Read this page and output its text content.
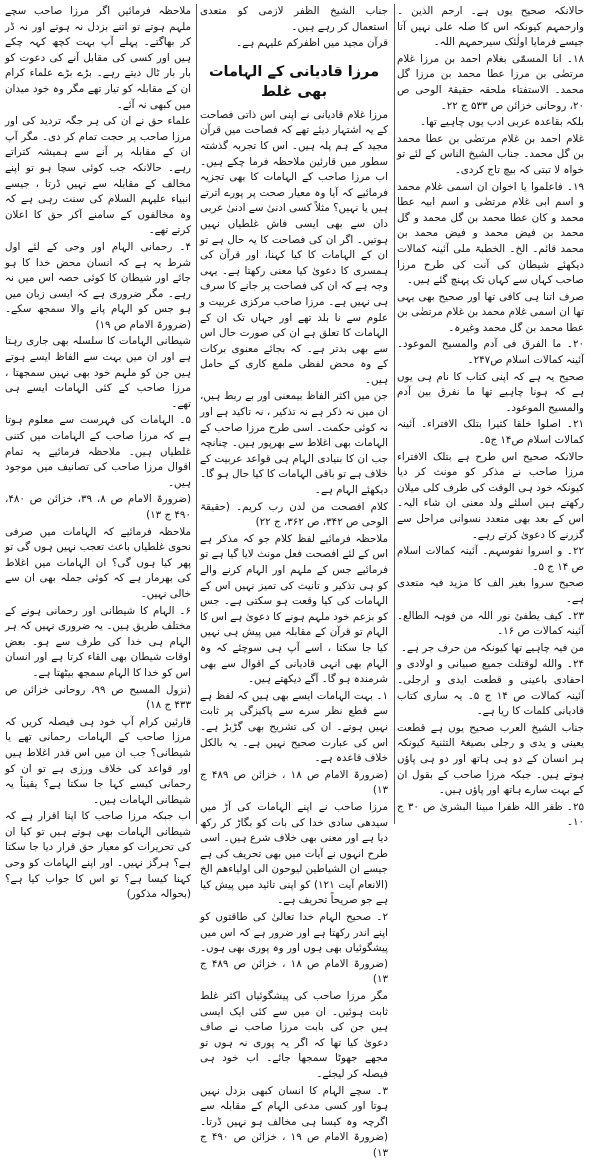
حالانکہ صحیح یوں ہے۔ ارحم الذین ۔ وارحمہم کیونکہ اس کا صلہ علی نہیں آتا جیسے فرمایا اولٰئک سیرحمہم اللہ۔

۱۸۔ انا المسمّٰی بغلام احمد بن مرزا غلام مرتضٰی بن مرزا عطا محمد بن مرزا گل محمد۔ الاستفتاء ملحقہ حقیقۃ الوحی ص ۲۰، روحانی خزائن ص ۵۳۳ ج ۲۲۔

بلکہ بقاعدہ عربی ادب یوں چاہیے تھا۔

غلام احمد بن غلام مرتضٰی بن عطا محمد بن گل محمد۔ جناب الشیخ الناس کے لئے تو خواہ لا تبتی کہ بیچ تاج کردی۔

۱۹۔ فاعلموا یا اخوان ان اسمی غلام محمد و اسم ابی غلام مرتضٰی و اسم ابیہ عطا محمد و کان عطا محمد بن گل محمد و گل محمد بن فیض محمد و فیض محمد بن محمد قائم۔ الخ۔ الخطبۃ ملی آئینہ کمالات دیکھئے شیطان کی آنت کی طرح مرزا صاحب کہاں سے کہاں تک پہنچ گئے ہیں۔

صرف اتنا ہی کافی تھا اور صحیح بھی یہی تھا ان اسمی غلام محمد بن غلام مرتضٰی بن عطا محمد بن گل محمد وغیرہ۔

۲۰۔ ما الفرق فی آدم والمسیح الموعود۔ آئینہ کمالات اسلام ص۲۴۷۔

صحیح یہ ہے کہ اپنی کتاب کا نام ہی یوں ہے کہ ہونا چاہیے تھا ما نفرق بین آدم والمسیح الموعود۔

۲۱۔ اصلوا خلقا کثیرا بتلک الافتراء۔ آئینہ کمالات اسلام ص۱۴ ج۵۔

حالانکہ صحیح اس طرح ہے بتلک الافتراء مرزا صاحب نے مذکر کو مونث کر دیا کیونکہ خود ہی الوقت کی طرف کلی میلان رکھتے ہیں اسلئے ولد معنی ان شاء الیہ۔ اس کے بعد بھی متعدد نسوانی مراحل سے گزرنے کا دعویٰ کرتے رہے۔

۲۲۔ و اسروا نفوسہم۔ آئینہ کمالات اسلام ص ۱۴ ج ۵۔

صحیح سروا بغیر الف کا مزید فیہ متعدی ہے۔

۲۳۔ کیف یطفئ نور اللہ من فوہہ الطالع۔ آئینہ کمالات ص ۱۶۔

من فیہ چاہیے تھا کیونکہ من حرف جر ہے۔

۲۴۔ والله لوقتلت جمیع صبیانی و اولادی و احفادی باعینی و قطعت ایدی و ارجلی۔ آئینہ کمالات ص ۱۴ ج ۵۔ یہ ساری کتاب قادیانی کلمات کا ریا ہے۔

جناب الشیخ العرب صحیح یوں ہے قطعت یعینی و یدی و رجلی بصیغۃ التثنیۃ کیونکہ ہر انسان کے دو ہی ہاتھ اور دو ہی پاؤں ہوتے ہیں۔ جبکہ مرزا صاحب کے بقول ان کے بہت سارے ہاتھ اور پاؤں ہیں۔

۲۵۔ ظفر اللہ ظفرا مبینا البشریٰ ص ۳۰ ج ۱۰۔

جناب الشیخ الظفر لازمی کو متعدی استعمال کر رہے ہیں۔

قرآن مجید میں اظفرکم علیہم ہے۔

مرزا قادیانی کے الہامات بھی غلط

مرزا غلام قادیانی نے اپنی اس ذاتی فصاحت کے یہ اشتہار دیئے تھے کہ فصاحت میں قرآن مجید کے ہم پلہ ہیں۔ اس کا تجربہ گذشتہ سطور میں قارئین ملاحظہ فرما چکے ہیں۔ اب مرزا صاحب کے الہامات کا بھی تجزیہ فرمائیے کہ آیا وہ معیار صحت پر پورے اترتے ہیں یا نہیں؟ مثلاً کسی ادنیٰ سے ادنیٰ عربی دان سے بھی ایسی فاش غلطیاں نہیں ہوتیں۔ اگر ان کی فصاحت کا یہ حال ہے تو ان کے الہامات کا کیا کہنا، اور قرآن کی ہمسری کا دعویٰ کیا معنی رکھتا ہے۔ یہی وجہ ہے کہ ان کی فصاحت پر جانے کا سرف ہی نہیں ہے۔ مرزا صاحب مرکزی عربیت و علوم سے نا بلد تھے اور جہاں تک ان کے الہامات کا تعلق ہے ان کی صورت حال اس سے بھی بدتر ہے۔ کہ بجائے معنوی برکات کے وہ محض لفظی ملمع کاری کے حامل ہیں۔

جن میں اکثر الفاظ بیمعنی اور بے ربط ہیں، ان میں نہ ذکر ہے نہ تذکیر ، نہ تاکید ہے اور نہ کوئی حکمت۔ اسی طرح مرزا صاحب کے الہامات بھی اغلاط سے بھرپور ہیں۔ چنانچہ جب ان کا بنیادی الہام ہی قواعد عربیت کے خلاف ہے تو باقی الہامات کا کیا حال ہو گا۔ دیکھئے الہام ہے۔

کلام افصحت من لدن رب کریم۔ (حقیقۃ الوحی ص ۳۴۲، ص ۳۶۲، ج ۲۲)

ملاحظہ فرمائیے لفظ کلام جو کہ مذکر ہے اس کے لئے افصحت فعل مونث لایا گیا ہے تو فرمائیے جس کے ملہم اور الہام کرنے والے کو ہی تذکیر و تانیث کی تمیز نہیں اس کے الہامات کی کیا وقعت ہو سکتی ہے۔ جس کو بزعم خود ملہم ہونے کا دعویٰ ہے اس کا الہام تو قرآن کے مقابلہ میں پیش ہی نہیں کیا جا سکتا ، اسے آپ ہی سوچئے کہ وہ الہام بھی انہی قادیانی کے اقوال سے بھی شرمندہ ہو گا۔ آگے دیکھتے ہیں۔

۱۔ بہت الہامات ایسے بھی ہیں کہ لفظ ہے سے قطع نظر سرے سے پاکیزگی پر ثابت نہیں ہوتے۔ ان کی تشریح بھی گڑبڑ ہے۔ اس کی عبارت صحیح نہیں ہے۔ یہ بالکل خلاف قاعدہ ہے۔

(ضرورۃ الامام ص ۱۸ ، خزائن ص ۴۸۹ ج ۱۳)

مرزا صاحب نے اپنے الہامات کی آڑ میں سیدھی سادی خدا کی بات کو بگاڑ کر رکھ دیا ہے اور معنی بھی خلاف شرع ہیں۔ اسی طرح انہوں نے آیات میں بھی تحریف کی ہے جیسے ان الشیاطین لیوحون الی اولیاءھم الخ (الانعام آیت ۱۲۱) کو اپنی تائید میں پیش کیا ہے جو صریحاً تحریف ہے۔

۲۔ صحیح الہام خدا تعالیٰ کی طاقتوں کو اپنے اندر رکھتا ہے اور ضرور ہے کہ اس میں پیشگوئیاں بھی ہوں اور وہ پوری بھی ہوں۔ (ضرورۃ الامام ص ۱۸ ، خزائن ص ۴۸۹ ج ۱۳)

مگر مرزا صاحب کی پیشگوئیاں اکثر غلط ثابت ہوئیں۔ ان میں سے کئی ایک ایسی ہیں جن کی بابت مرزا صاحب نے صاف دعویٰ کیا تھا کہ اگر یہ پوری نہ ہوں تو مجھے جھوٹا سمجھا جائے۔ اب خود ہی فیصلہ کر لیجئے۔

۳۔ سچے الہام کا انسان کبھی بزدل نہیں ہوتا اور کسی مدعی الہام کے مقابلہ سے اگرچہ وہ کیسا ہی مخالف ہو نہیں ڈرتا۔ (ضرورۃ الامام ص ۱۹ ، خزائن ص ۴۹۰ ج ۱۳)

ملاحظہ فرمائیں اگر مرزا صاحب سچے ملہم ہوتے تو اتنے بزدل نہ ہوتے اور نہ ڈر کر بھاگتے۔ پہلے آپ بہت کچھ کہہ چکے ہیں اور کسی کی مقابل آنے کی دعوت کو بار بار ٹال دیتے رہے۔ بڑے بڑے علماء کرام ان کے مقابلہ کو تیار تھے مگر وہ خود میدان میں کبھی نہ آئے۔

علماء حق نے ان کی ہر جگہ تردید کی اور مرزا صاحب پر حجت تمام کر دی۔ مگر آپ ان کے مقابلہ پر آنے سے ہمیشہ کتراتے رہے۔ حالانکہ جب کوئی سچا ہو تو اپنے مخالف کے مقابلہ سے نہیں ڈرتا ، جیسے انبیاء علیہم السلام کی سنت رہی ہے کہ وہ مخالفوں کے سامنے آکر حق کا اعلان کرتے تھے۔

۴۔ رحمانی الہام اور وحی کے لئے اول شرط یہ ہے کہ انسان محض خدا کا ہو جائے اور شیطان کا کوئی حصہ اس میں نہ رہے۔ مگر ضروری ہے کہ ایسی زبان میں ہو جس کو الہام پانے والا سمجھ سکے۔ (ضرورۃ الامام ص ۱۹)

شیطانی الہامات کا سلسلہ بھی جاری رہتا ہے اور ان میں بہت سے الفاظ ایسے ہوتے ہیں جن کو ملہم خود بھی نہیں سمجھتا ، مرزا صاحب کے کئی الہامات ایسے ہی تھے۔

۵۔ الہامات کی فہرست سے معلوم ہوتا ہے کہ مرزا صاحب کے الہامات میں کتنی غلطیاں ہیں۔ ملاحظہ فرمائیے یہ تمام اقوال مرزا صاحب کی تصانیف میں موجود ہیں۔

(ضرورۃ الامام ص ۸، ۳۹، خزائن ص ۴۸۰، ۴۹۰ ج ۱۳)

ملاحظہ فرمائیے کہ الہامات میں صرفی نحوی غلطیاں باعث تعجب نہیں ہوں گی تو پھر کیا ہوں گی؟ ان الہامات میں اغلاط کی بھرمار ہے کہ کوئی جملہ بھی ان سے خالی نہیں۔

۶۔ الہام کا شیطانی اور رحمانی ہونے کے مختلف طریق ہیں۔ یہ ضروری نہیں کہ ہر الہام ہی خدا کی طرف سے ہو۔ بعض اوقات شیطان بھی القاء کرتا ہے اور انسان اس کو خدا کا الہام سمجھ بیٹھتا ہے۔

(نزول المسیح ص ۹۹، روحانی خزائن ص ۴۳۳ ج ۱۸)

قارئین کرام آپ خود ہی فیصلہ کریں کہ مرزا صاحب کے الہامات رحمانی تھے یا شیطانی؟ جب ان میں اس قدر اغلاط ہیں اور قواعد کی خلاف ورزی ہے تو ان کو رحمانی کیسے کہا جا سکتا ہے؟ یقیناً یہ شیطانی الہامات ہیں۔

اب جبکہ مرزا صاحب کا اپنا اقرار ہے کہ شیطانی الہامات بھی ہوتے ہیں تو کیا ان کی تحریرات کو معیار حق قرار دیا جا سکتا ہے؟ ہرگز نہیں۔ اور اپنے الہامات کو وحی کہنا کیسا ہے؟ تو اس کا جواب کیا ہے؟ (بحوالہ مذکور)
